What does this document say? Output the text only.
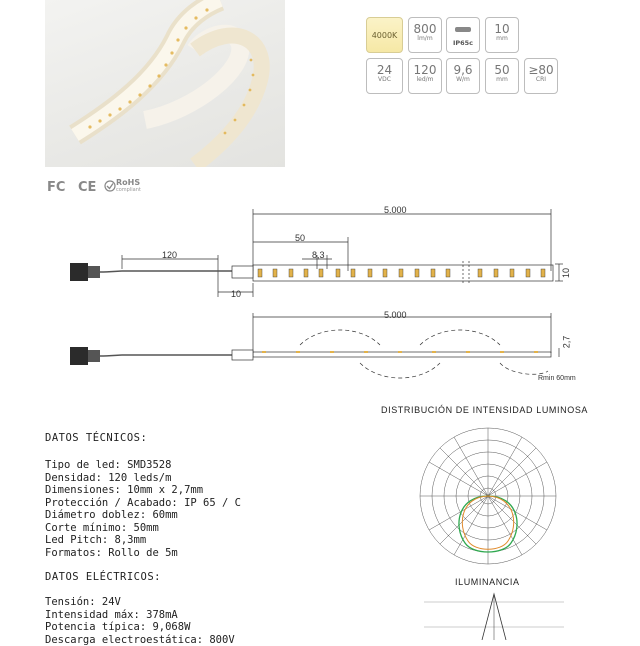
4000K	800
lm/m
IP65c
10
mm
24
VDC
120
led/m
9,6
W/m
50
mm
≥80
CRI
FC CE RoHS
compliant
5.000
50
8,3
120
10
10
5.000
2,7
Rmin 60mm
DATOS TÉCNICOS:
Tipo de led: SMD3528
Densidad: 120 leds/m
Dimensiones: 10mm x 2,7mm
Protección / Acabado: IP 65 / C
Diámetro doblez: 60mm
Corte mínimo: 50mm
Led Pitch: 8,3mm
Formatos: Rollo de 5m
DATOS ELÉCTRICOS:
Tensión: 24V
Intensidad máx: 378mA
Potencia típica: 9,068W
Descarga electroestática: 800V
DISTRIBUCIÓN DE INTENSIDAD LUMINOSA
ILUMINANCIA
